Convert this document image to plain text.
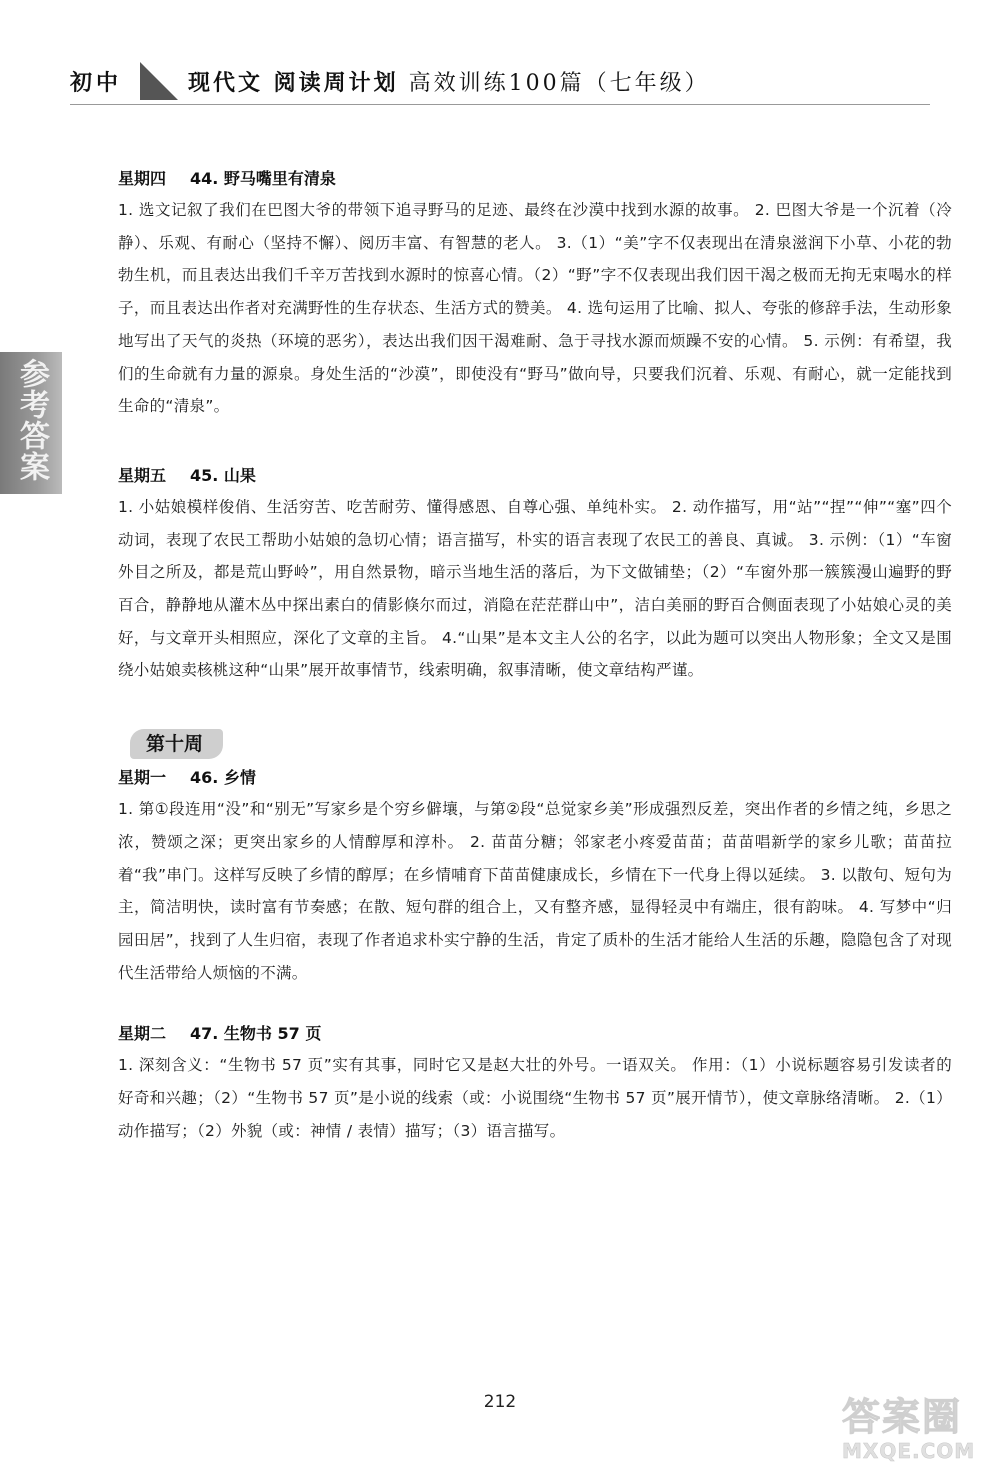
初中	现代文 阅读周计划 高效训练100篇（七年级）
参考答案
星期四 44. 野马嘴里有清泉

1. 选文记叙了我们在巴图大爷的带领下追寻野马的足迹、最终在沙漠中找到水源的故事。 2. 巴图大爷是一个沉着（冷静）、乐观、有耐心（坚持不懈）、阅历丰富、有智慧的老人。 3.（1）“美”字不仅表现出在清泉滋润下小草、小花的勃勃生机，而且表达出我们千辛万苦找到水源时的惊喜心情。（2）“野”字不仅表现出我们因干渴之极而无拘无束喝水的样子，而且表达出作者对充满野性的生存状态、生活方式的赞美。 4. 选句运用了比喻、拟人、夸张的修辞手法，生动形象地写出了天气的炎热（环境的恶劣），表达出我们因干渴难耐、急于寻找水源而烦躁不安的心情。 5. 示例：有希望，我们的生命就有力量的源泉。身处生活的“沙漠”，即使没有“野马”做向导，只要我们沉着、乐观、有耐心，就一定能找到生命的“清泉”。

星期五 45. 山果

1. 小姑娘模样俊俏、生活穷苦、吃苦耐劳、懂得感恩、自尊心强、单纯朴实。 2. 动作描写，用“站”“捏”“伸”“塞”四个动词，表现了农民工帮助小姑娘的急切心情；语言描写，朴实的语言表现了农民工的善良、真诚。 3. 示例：（1）“车窗外目之所及，都是荒山野岭”，用自然景物，暗示当地生活的落后，为下文做铺垫；（2）“车窗外那一簇簇漫山遍野的野百合，静静地从灌木丛中探出素白的倩影倏尔而过，消隐在茫茫群山中”，洁白美丽的野百合侧面表现了小姑娘心灵的美好，与文章开头相照应，深化了文章的主旨。 4.“山果”是本文主人公的名字，以此为题可以突出人物形象；全文又是围绕小姑娘卖核桃这种“山果”展开故事情节，线索明确，叙事清晰，使文章结构严谨。

第十周
星期一 46. 乡情

1. 第①段连用“没”和“别无”写家乡是个穷乡僻壤，与第②段“总觉家乡美”形成强烈反差，突出作者的乡情之纯，乡思之浓，赞颂之深；更突出家乡的人情醇厚和淳朴。 2. 苗苗分糖；邻家老小疼爱苗苗；苗苗唱新学的家乡儿歌；苗苗拉着“我”串门。这样写反映了乡情的醇厚；在乡情哺育下苗苗健康成长，乡情在下一代身上得以延续。 3. 以散句、短句为主，简洁明快，读时富有节奏感；在散、短句群的组合上，又有整齐感，显得轻灵中有端庄，很有韵味。 4. 写梦中“归园田居”，找到了人生归宿，表现了作者追求朴实宁静的生活，肯定了质朴的生活才能给人生活的乐趣，隐隐包含了对现代生活带给人烦恼的不满。

星期二 47. 生物书 57 页

1. 深刻含义：“生物书 57 页”实有其事，同时它又是赵大壮的外号。一语双关。 作用：（1）小说标题容易引发读者的好奇和兴趣；（2）“生物书 57 页”是小说的线索（或：小说围绕“生物书 57 页”展开情节），使文章脉络清晰。 2.（1）动作描写；（2）外貌（或：神情 / 表情）描写；（3）语言描写。

212	答案圈
MXQE.COM
